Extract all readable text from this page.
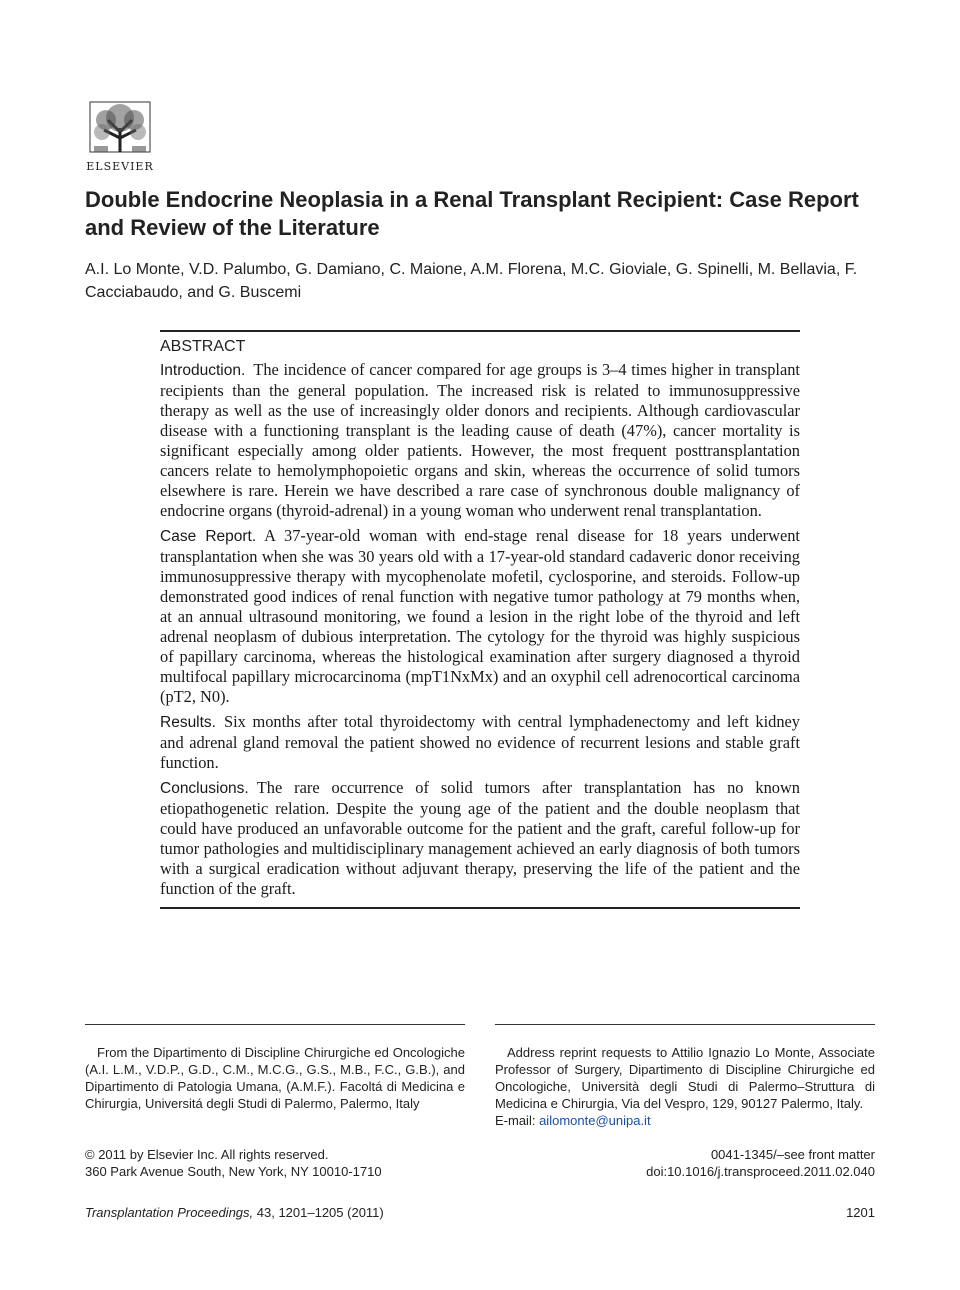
ELSEVIER
Double Endocrine Neoplasia in a Renal Transplant Recipient: Case Report and Review of the Literature
A.I. Lo Monte, V.D. Palumbo, G. Damiano, C. Maione, A.M. Florena, M.C. Gioviale, G. Spinelli, M. Bellavia, F. Cacciabaudo, and G. Buscemi
ABSTRACT

Introduction. The incidence of cancer compared for age groups is 3–4 times higher in transplant recipients than the general population. The increased risk is related to immunosuppressive therapy as well as the use of increasingly older donors and recipients. Although cardiovascular disease with a functioning transplant is the leading cause of death (47%), cancer mortality is significant especially among older patients. However, the most frequent posttransplantation cancers relate to hemolymphopoietic organs and skin, whereas the occurrence of solid tumors elsewhere is rare. Herein we have described a rare case of synchronous double malignancy of endocrine organs (thyroid-adrenal) in a young woman who underwent renal transplantation.

Case Report. A 37-year-old woman with end-stage renal disease for 18 years underwent transplantation when she was 30 years old with a 17-year-old standard cadaveric donor receiving immunosuppressive therapy with mycophenolate mofetil, cyclosporine, and steroids. Follow-up demonstrated good indices of renal function with negative tumor pathology at 79 months when, at an annual ultrasound monitoring, we found a lesion in the right lobe of the thyroid and left adrenal neoplasm of dubious interpretation. The cytology for the thyroid was highly suspicious of papillary carcinoma, whereas the histological examination after surgery diagnosed a thyroid multifocal papillary microcarcinoma (mpT1NxMx) and an oxyphil cell adrenocortical carcinoma (pT2, N0).

Results. Six months after total thyroidectomy with central lymphadenectomy and left kidney and adrenal gland removal the patient showed no evidence of recurrent lesions and stable graft function.

Conclusions. The rare occurrence of solid tumors after transplantation has no known etiopathogenetic relation. Despite the young age of the patient and the double neoplasm that could have produced an unfavorable outcome for the patient and the graft, careful follow-up for tumor pathologies and multidisciplinary management achieved an early diagnosis of both tumors with a surgical eradication without adjuvant therapy, preserving the life of the patient and the function of the graft.

From the Dipartimento di Discipline Chirurgiche ed Oncologiche (A.I. L.M., V.D.P., G.D., C.M., M.C.G., G.S., M.B., F.C., G.B.), and Dipartimento di Patologia Umana, (A.M.F.). Facoltá di Medicina e Chirurgia, Universitá degli Studi di Palermo, Palermo, Italy
Address reprint requests to Attilio Ignazio Lo Monte, Associate Professor of Surgery, Dipartimento di Discipline Chirurgiche ed Oncologiche, Università degli Studi di Palermo–Struttura di Medicina e Chirurgia, Via del Vespro, 129, 90127 Palermo, Italy.
E-mail: ailomonte@unipa.it
© 2011 by Elsevier Inc. All rights reserved.
360 Park Avenue South, New York, NY 10010-1710
0041-1345/–see front matter
doi:10.1016/j.transproceed.2011.02.040
Transplantation Proceedings, 43, 1201–1205 (2011)	1201
